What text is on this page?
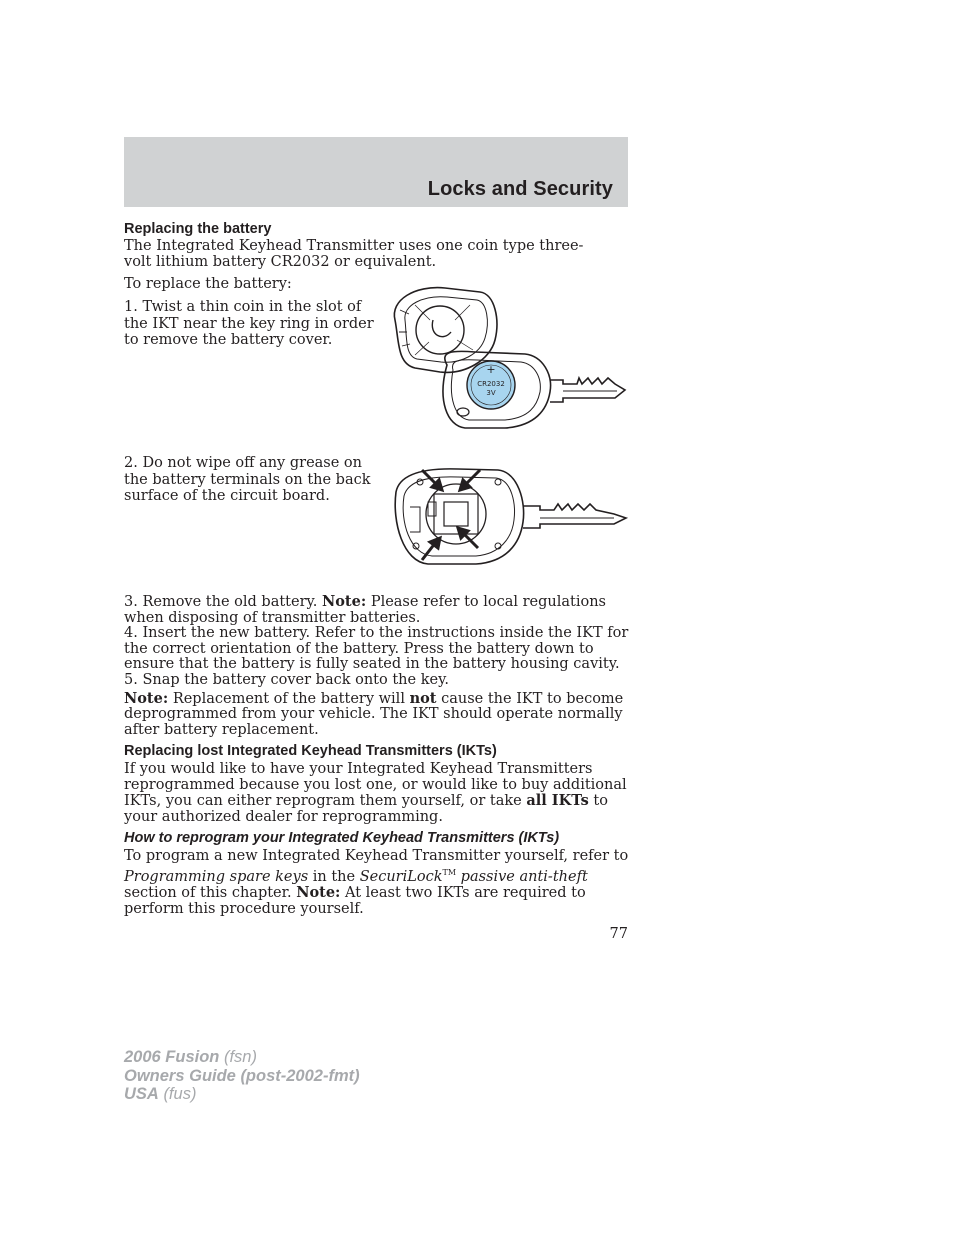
Locks and Security

Replacing the battery

The Integrated Keyhead Transmitter uses one coin type three-volt lithium battery CR2032 or equivalent.

To replace the battery:

1. Twist a thin coin in the slot of the IKT near the key ring in order to remove the battery cover.
+
CR2032
3V
2. Do not wipe off any grease on the battery terminals on the back surface of the circuit board.

3. Remove the old battery. Note: Please refer to local regulations when disposing of transmitter batteries.

4. Insert the new battery. Refer to the instructions inside the IKT for the correct orientation of the battery. Press the battery down to ensure that the battery is fully seated in the battery housing cavity.

5. Snap the battery cover back onto the key.

Note: Replacement of the battery will not cause the IKT to become deprogrammed from your vehicle. The IKT should operate normally after battery replacement.

Replacing lost Integrated Keyhead Transmitters (IKTs)

If you would like to have your Integrated Keyhead Transmitters reprogrammed because you lost one, or would like to buy additional IKTs, you can either reprogram them yourself, or take all IKTs to your authorized dealer for reprogramming.

How to reprogram your Integrated Keyhead Transmitters (IKTs)

To program a new Integrated Keyhead Transmitter yourself, refer to Programming spare keys in the SecuriLock™ passive anti-theft section of this chapter. Note: At least two IKTs are required to perform this procedure yourself.

77
2006 Fusion (fsn)
Owners Guide (post-2002-fmt)
USA (fus)
